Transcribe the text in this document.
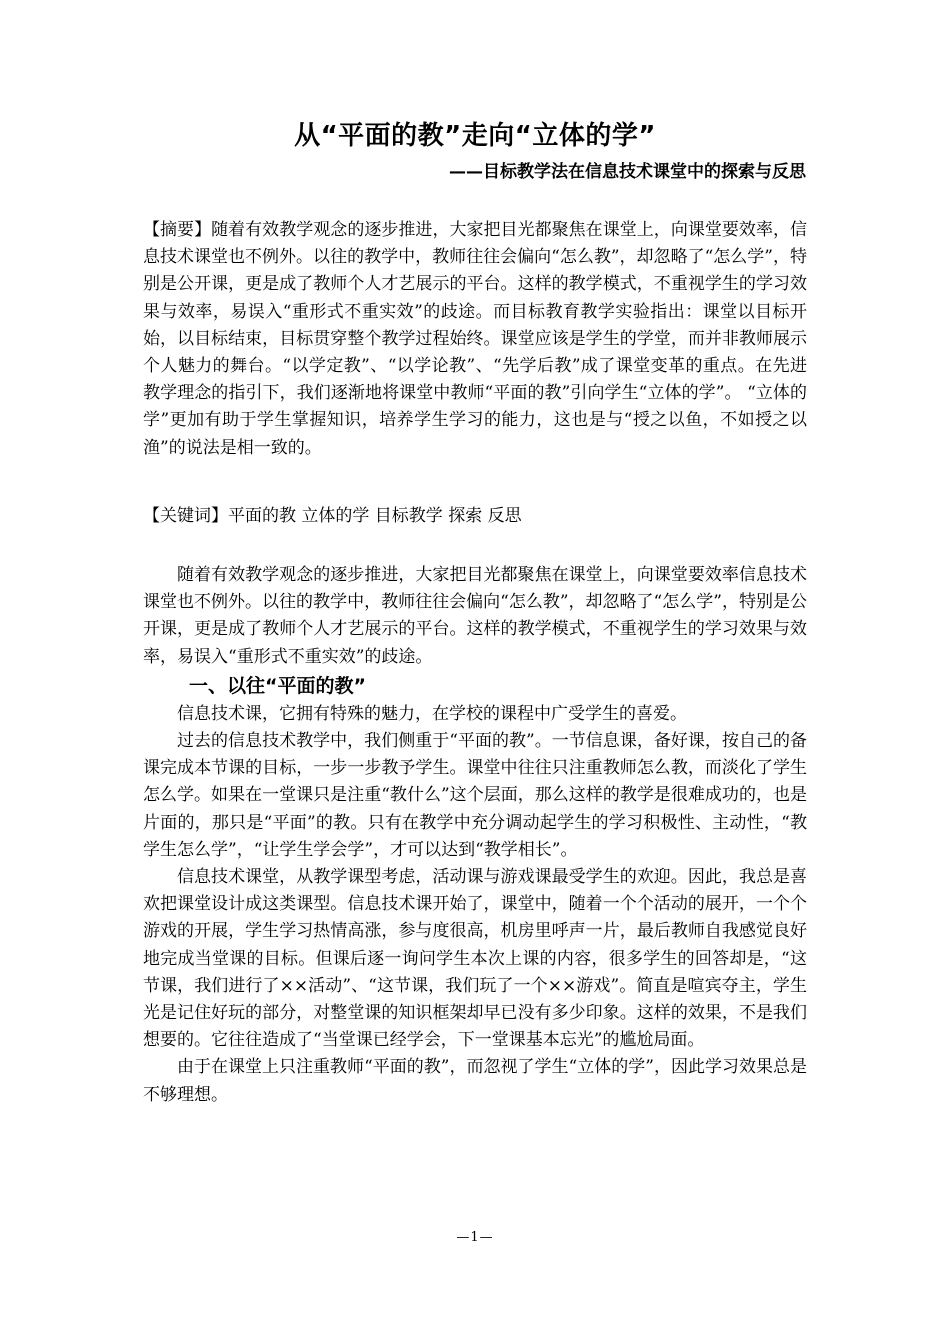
从“平面的教”走向“立体的学”
——目标教学法在信息技术课堂中的探索与反思
【摘要】随着有效教学观念的逐步推进，大家把目光都聚焦在课堂上，向课堂要效率，信息技术课堂也不例外。以往的教学中，教师往往会偏向“怎么教”，却忽略了“怎么学”，特别是公开课，更是成了教师个人才艺展示的平台。这样的教学模式，不重视学生的学习效果与效率，易误入“重形式不重实效”的歧途。而目标教育教学实验指出：课堂以目标开始，以目标结束，目标贯穿整个教学过程始终。课堂应该是学生的学堂，而并非教师展示个人魅力的舞台。“以学定教”、“以学论教”、“先学后教”成了课堂变革的重点。在先进教学理念的指引下，我们逐渐地将课堂中教师“平面的教”引向学生“立体的学”。 “立体的学”更加有助于学生掌握知识，培养学生学习的能力，这也是与“授之以鱼，不如授之以渔”的说法是相一致的。
【关键词】平面的教 立体的学 目标教学 探索 反思

随着有效教学观念的逐步推进，大家把目光都聚焦在课堂上，向课堂要效率信息技术课堂也不例外。以往的教学中，教师往往会偏向“怎么教”，却忽略了“怎么学”，特别是公开课，更是成了教师个人才艺展示的平台。这样的教学模式，不重视学生的学习效果与效率，易误入“重形式不重实效”的歧途。

一、以往“平面的教”

信息技术课，它拥有特殊的魅力，在学校的课程中广受学生的喜爱。

过去的信息技术教学中，我们侧重于“平面的教”。一节信息课，备好课，按自己的备课完成本节课的目标，一步一步教予学生。课堂中往往只注重教师怎么教，而淡化了学生怎么学。如果在一堂课只是注重“教什么”这个层面，那么这样的教学是很难成功的，也是片面的，那只是“平面”的教。只有在教学中充分调动起学生的学习积极性、主动性，“教学生怎么学”，“让学生学会学”，才可以达到“教学相长”。

信息技术课堂，从教学课型考虑，活动课与游戏课最受学生的欢迎。因此，我总是喜欢把课堂设计成这类课型。信息技术课开始了，课堂中，随着一个个活动的展开，一个个游戏的开展，学生学习热情高涨，参与度很高，机房里呼声一片，最后教师自我感觉良好地完成当堂课的目标。但课后逐一询问学生本次上课的内容，很多学生的回答却是，“这节课，我们进行了××活动”、“这节课，我们玩了一个××游戏”。简直是喧宾夺主，学生光是记住好玩的部分，对整堂课的知识框架却早已没有多少印象。这样的效果，不是我们想要的。它往往造成了“当堂课已经学会，下一堂课基本忘光”的尴尬局面。

由于在课堂上只注重教师“平面的教”，而忽视了学生“立体的学”，因此学习效果总是不够理想。

—1—
